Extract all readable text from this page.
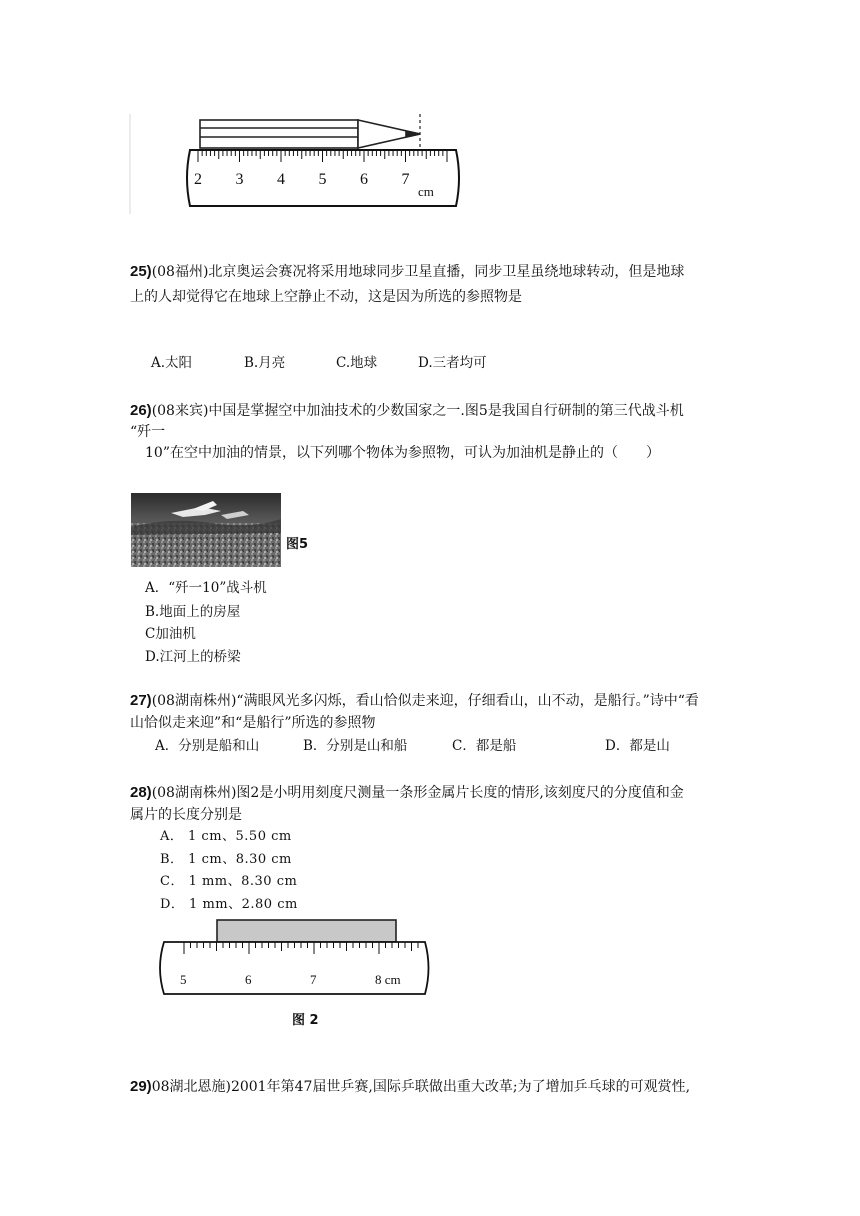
2 3 4 5 6 7
cm
25)(08福州)北京奥运会赛况将采用地球同步卫星直播，同步卫星虽绕地球转动，但是地球
上的人却觉得它在地球上空静止不动，这是因为所选的参照物是
A.太阳	B.月亮	C.地球	D.三者均可
26)(08来宾)中国是掌握空中加油技术的少数国家之一.图5是我国自行研制的第三代战斗机
“歼一
10”在空中加油的情景，以下列哪个物体为参照物，可认为加油机是静止的（　　）
图5
A．“歼一10”战斗机
B.地面上的房屋
C加油机
D.江河上的桥梁
27)(08湖南株州)“满眼风光多闪烁，看山恰似走来迎，仔细看山，山不动，是船行。”诗中“看
山恰似走来迎”和“是船行”所选的参照物
A．分别是船和山	B．分别是山和船	C．都是船	D．都是山
28)(08湖南株州)图2是小明用刻度尺测量一条形金属片长度的情形,该刻度尺的分度值和金
属片的长度分别是
A． 1 cm、5.50 cm
B． 1 cm、8.30 cm
C． 1 mm、8.30 cm
D． 1 mm、2.80 cm
5	6	7	8 cm
图 2
29)08湖北恩施)2001年第47届世乒赛,国际乒联做出重大改革;为了增加乒乓球的可观赏性,
